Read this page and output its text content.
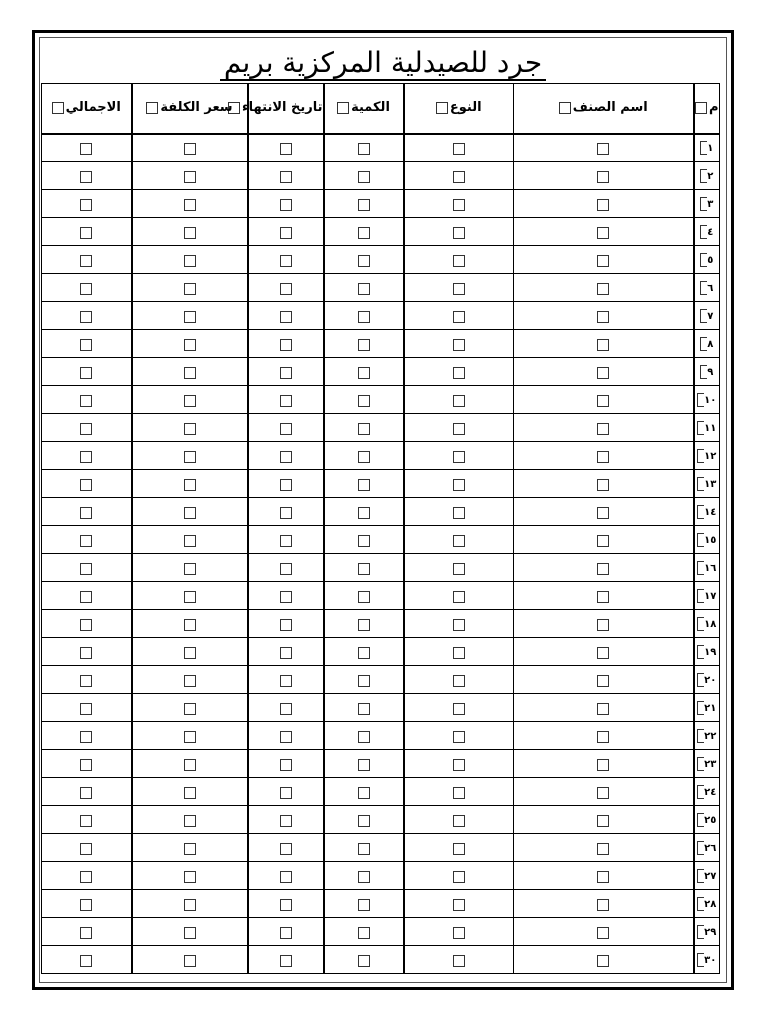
جرد للصيدلية المركزية بريم
م	اسم الصنف	النوع	الكمية	تاريخ الانتهاء	سعر الكلفة	الاجمالي
١						
٢						
٣						
٤						
٥						
٦						
٧						
٨						
٩						
١٠						
١١						
١٢						
١٣						
١٤						
١٥						
١٦						
١٧						
١٨						
١٩						
٢٠						
٢١						
٢٢						
٢٣						
٢٤						
٢٥						
٢٦						
٢٧						
٢٨						
٢٩						
٣٠						
